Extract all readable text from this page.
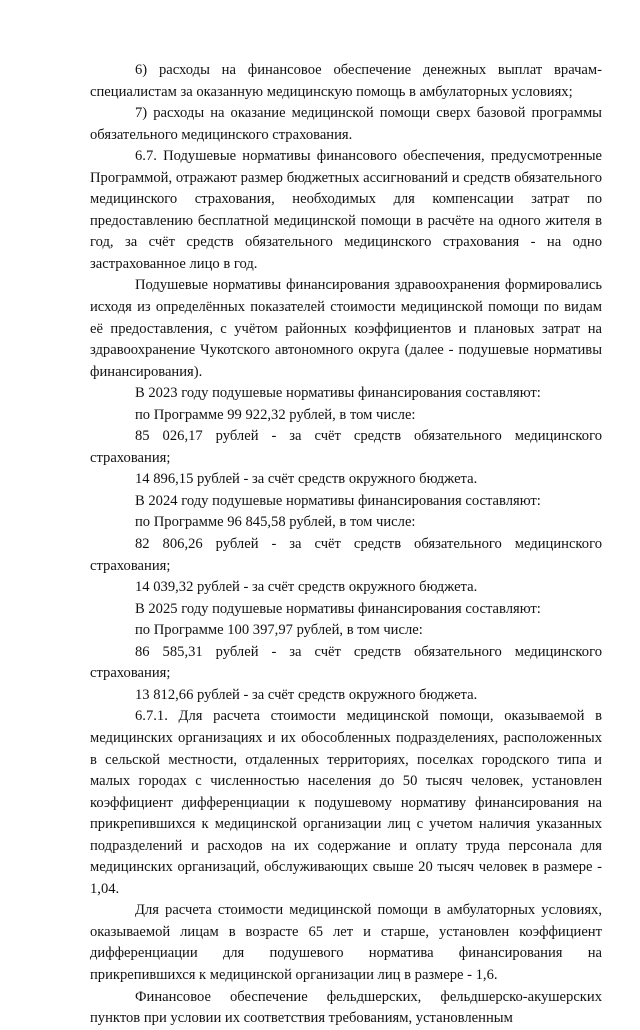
6) расходы на финансовое обеспечение денежных выплат врачам-специалистам за оказанную медицинскую помощь в амбулаторных условиях;

7) расходы на оказание медицинской помощи сверх базовой программы обязательного медицинского страхования.

6.7. Подушевые нормативы финансового обеспечения, предусмотренные Программой, отражают размер бюджетных ассигнований и средств обязательного медицинского страхования, необходимых для компенсации затрат по предоставлению бесплатной медицинской помощи в расчёте на одного жителя в год, за счёт средств обязательного медицинского страхования - на одно застрахованное лицо в год.

Подушевые нормативы финансирования здравоохранения формировались исходя из определённых показателей стоимости медицинской помощи по видам её предоставления, с учётом районных коэффициентов и плановых затрат на здравоохранение Чукотского автономного округа (далее - подушевые нормативы финансирования).

В 2023 году подушевые нормативы финансирования составляют:

по Программе 99 922,32 рублей, в том числе:

85 026,17 рублей - за счёт средств обязательного медицинского страхования;

14 896,15 рублей - за счёт средств окружного бюджета.

В 2024 году подушевые нормативы финансирования составляют:

по Программе 96 845,58 рублей, в том числе:

82 806,26 рублей - за счёт средств обязательного медицинского страхования;

14 039,32 рублей - за счёт средств окружного бюджета.

В 2025 году подушевые нормативы финансирования составляют:

по Программе 100 397,97 рублей, в том числе:

86 585,31 рублей - за счёт средств обязательного медицинского страхования;

13 812,66 рублей - за счёт средств окружного бюджета.

6.7.1. Для расчета стоимости медицинской помощи, оказываемой в медицинских организациях и их обособленных подразделениях, расположенных в сельской местности, отдаленных территориях, поселках городского типа и малых городах с численностью населения до 50 тысяч человек, установлен коэффициент дифференциации к подушевому нормативу финансирования на прикрепившихся к медицинской организации лиц с учетом наличия указанных подразделений и расходов на их содержание и оплату труда персонала для медицинских организаций, обслуживающих свыше 20 тысяч человек в размере - 1,04.

Для расчета стоимости медицинской помощи в амбулаторных условиях, оказываемой лицам в возрасте 65 лет и старше, установлен коэффициент дифференциации для подушевого норматива финансирования на прикрепившихся к медицинской организации лиц в размере - 1,6.

Финансовое обеспечение фельдшерских, фельдшерско-акушерских пунктов при условии их соответствия требованиям, установленным
